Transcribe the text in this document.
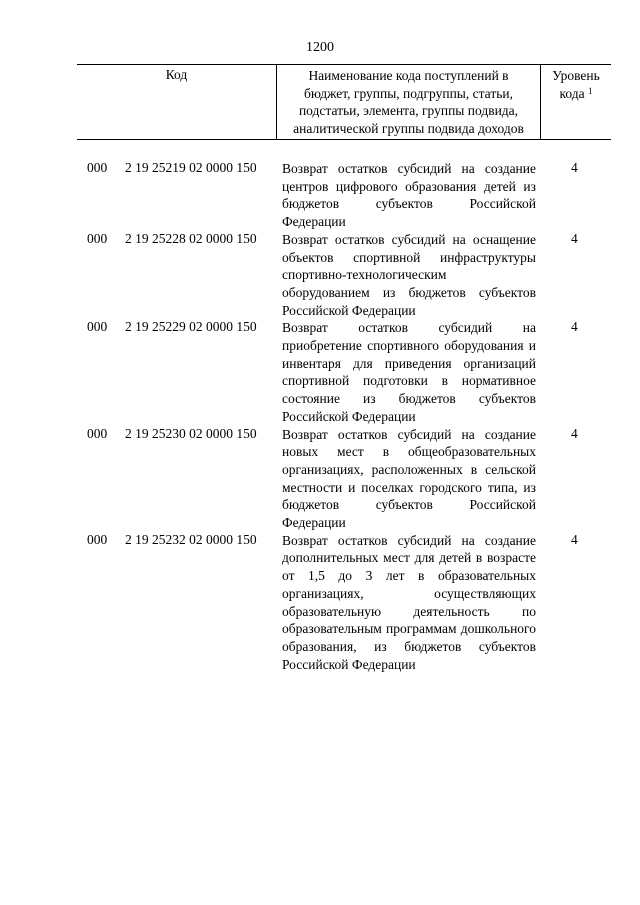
1200
Код	Наименование кода поступлений в
бюджет, группы, подгруппы, статьи,
подстатьи, элемента, группы подвида,
аналитической группы подвида доходов
Уровень
кода $^1$
000 2 19 25219 02 0000 150 Возврат остатков субсидий на создание центров цифрового образования детей из бюджетов субъектов Российской Федерации
4
000 2 19 25228 02 0000 150 Возврат остатков субсидий на оснащение объектов спортивной инфраструктуры спортивно-технологическим оборудованием из бюджетов субъектов Российской Федерации
4
000 2 19 25229 02 0000 150 Возврат остатков субсидий на приобретение спортивного оборудования и инвентаря для приведения организаций спортивной подготовки в нормативное состояние из бюджетов субъектов Российской Федерации
4
000 2 19 25230 02 0000 150 Возврат остатков субсидий на создание новых мест в общеобразовательных организациях, расположенных в сельской местности и поселках городского типа, из бюджетов субъектов Российской Федерации
4
000 2 19 25232 02 0000 150 Возврат остатков субсидий на создание дополнительных мест для детей в возрасте от 1,5 до 3 лет в образовательных организациях, осуществляющих образовательную деятельность по образовательным программам дошкольного образования, из бюджетов субъектов Российской Федерации
4
